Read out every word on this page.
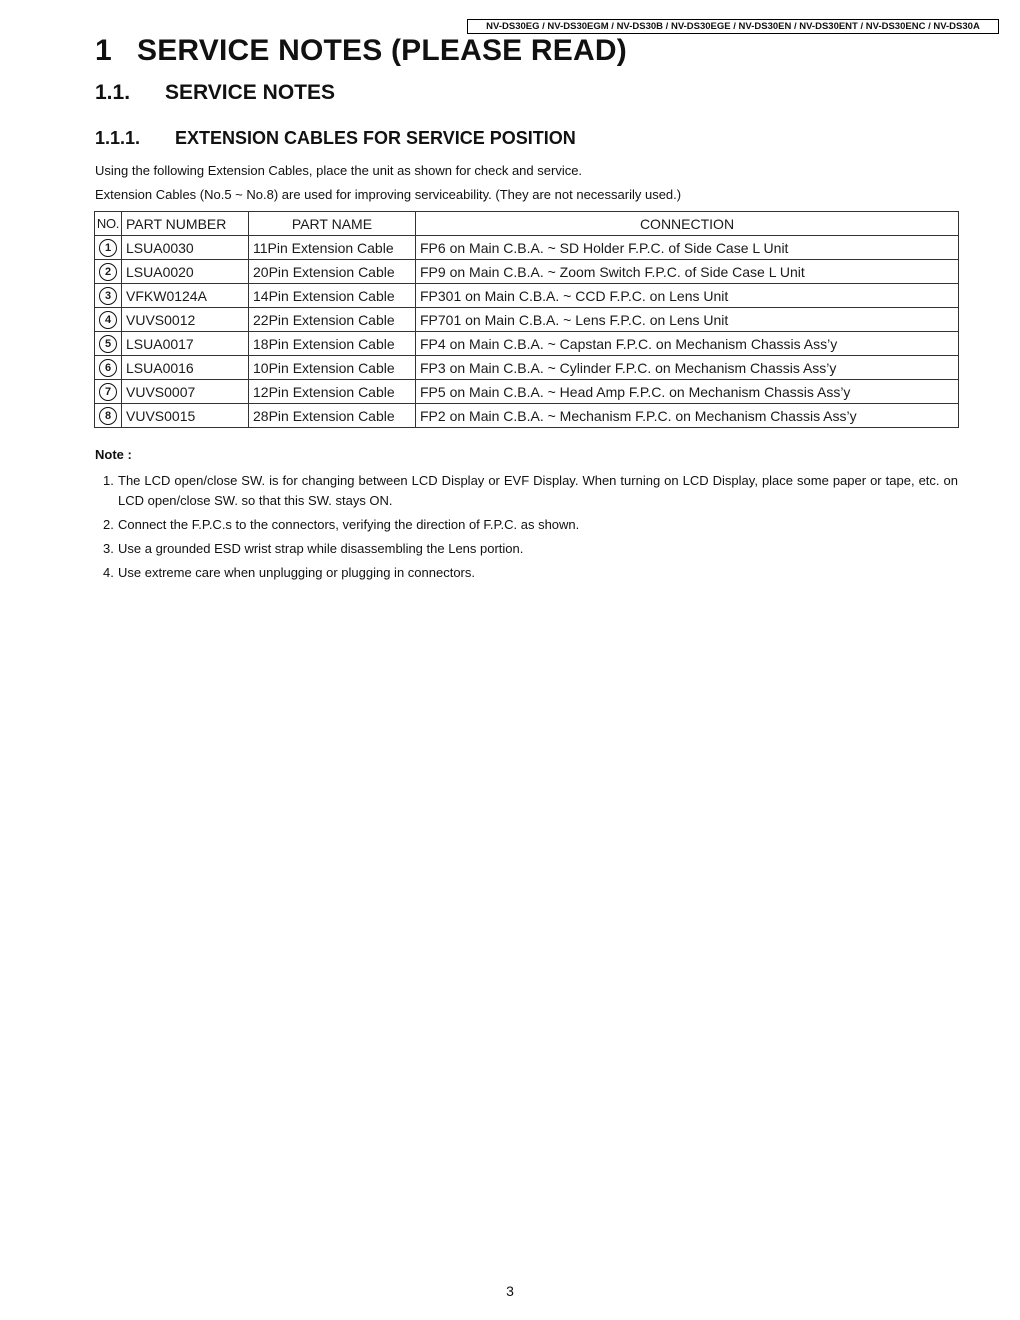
NV-DS30EG / NV-DS30EGM / NV-DS30B / NV-DS30EGE / NV-DS30EN / NV-DS30ENT / NV-DS30ENC / NV-DS30A
1 SERVICE NOTES (PLEASE READ)
1.1. SERVICE NOTES
1.1.1. EXTENSION CABLES FOR SERVICE POSITION

Using the following Extension Cables, place the unit as shown for check and service.

Extension Cables (No.5 ~ No.8) are used for improving serviceability. (They are not necessarily used.)

NO.	PART NUMBER	PART NAME	CONNECTION
1	LSUA0030	11Pin Extension Cable	FP6 on Main C.B.A. ~ SD Holder F.P.C. of Side Case L Unit
2	LSUA0020	20Pin Extension Cable	FP9 on Main C.B.A. ~ Zoom Switch F.P.C. of Side Case L Unit
3	VFKW0124A	14Pin Extension Cable	FP301 on Main C.B.A. ~ CCD F.P.C. on Lens Unit
4	VUVS0012	22Pin Extension Cable	FP701 on Main C.B.A. ~ Lens F.P.C. on Lens Unit
5	LSUA0017	18Pin Extension Cable	FP4 on Main C.B.A. ~ Capstan F.P.C. on Mechanism Chassis Ass’y
6	LSUA0016	10Pin Extension Cable	FP3 on Main C.B.A. ~ Cylinder F.P.C. on Mechanism Chassis Ass’y
7	VUVS0007	12Pin Extension Cable	FP5 on Main C.B.A. ~ Head Amp F.P.C. on Mechanism Chassis Ass’y
8	VUVS0015	28Pin Extension Cable	FP2 on Main C.B.A. ~ Mechanism F.P.C. on Mechanism Chassis Ass’y

Note :

1. The LCD open/close SW. is for changing between LCD Display or EVF Display. When turning on LCD Display, place some paper or tape, etc. on LCD open/close SW. so that this SW. stays ON.
2. Connect the F.P.C.s to the connectors, verifying the direction of F.P.C. as shown.
3. Use a grounded ESD wrist strap while disassembling the Lens portion.
4. Use extreme care when unplugging or plugging in connectors.
3
